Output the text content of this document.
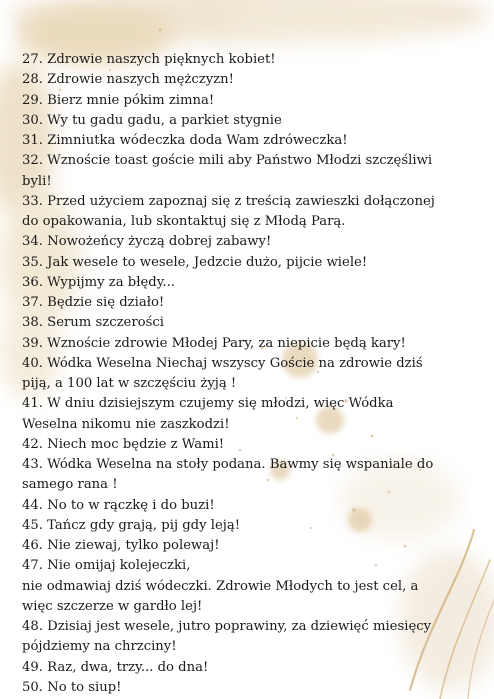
27. Zdrowie naszych pięknych kobiet!
28. Zdrowie naszych mężczyzn!
29. Bierz mnie pókim zimna!
30. Wy tu gadu gadu, a parkiet stygnie
31. Zimniutka wódeczka doda Wam zdróweczka!
32. Wznoście toast goście mili aby Państwo Młodzi szczęśliwi
byli!
33. Przed użyciem zapoznaj się z treścią zawieszki dołączonej
do opakowania, lub skontaktuj się z Młodą Parą.
34. Nowożeńcy życzą dobrej zabawy!
35. Jak wesele to wesele, Jedzcie dużo, pijcie wiele!
36. Wypijmy za błędy...
37. Będzie się działo!
38. Serum szczerości
39. Wznoście zdrowie Młodej Pary, za niepicie będą kary!
40. Wódka Weselna Niechaj wszyscy Goście na zdrowie dziś
piją, a 100 lat w szczęściu żyją !
41. W dniu dzisiejszym czujemy się młodzi, więc Wódka
Weselna nikomu nie zaszkodzi!
42. Niech moc będzie z Wami!
43. Wódka Weselna na stoły podana. Bawmy się wspaniale do
samego rana !
44. No to w rączkę i do buzi!
45. Tańcz gdy grają, pij gdy leją!
46. Nie ziewaj, tylko polewaj!
47. Nie omijaj kolejeczki,
nie odmawiaj dziś wódeczki. Zdrowie Młodych to jest cel, a
więc szczerze w gardło lej!
48. Dzisiaj jest wesele, jutro poprawiny, za dziewięć miesięcy
pójdziemy na chrzciny!
49. Raz, dwa, trzy... do dna!
50. No to siup!
